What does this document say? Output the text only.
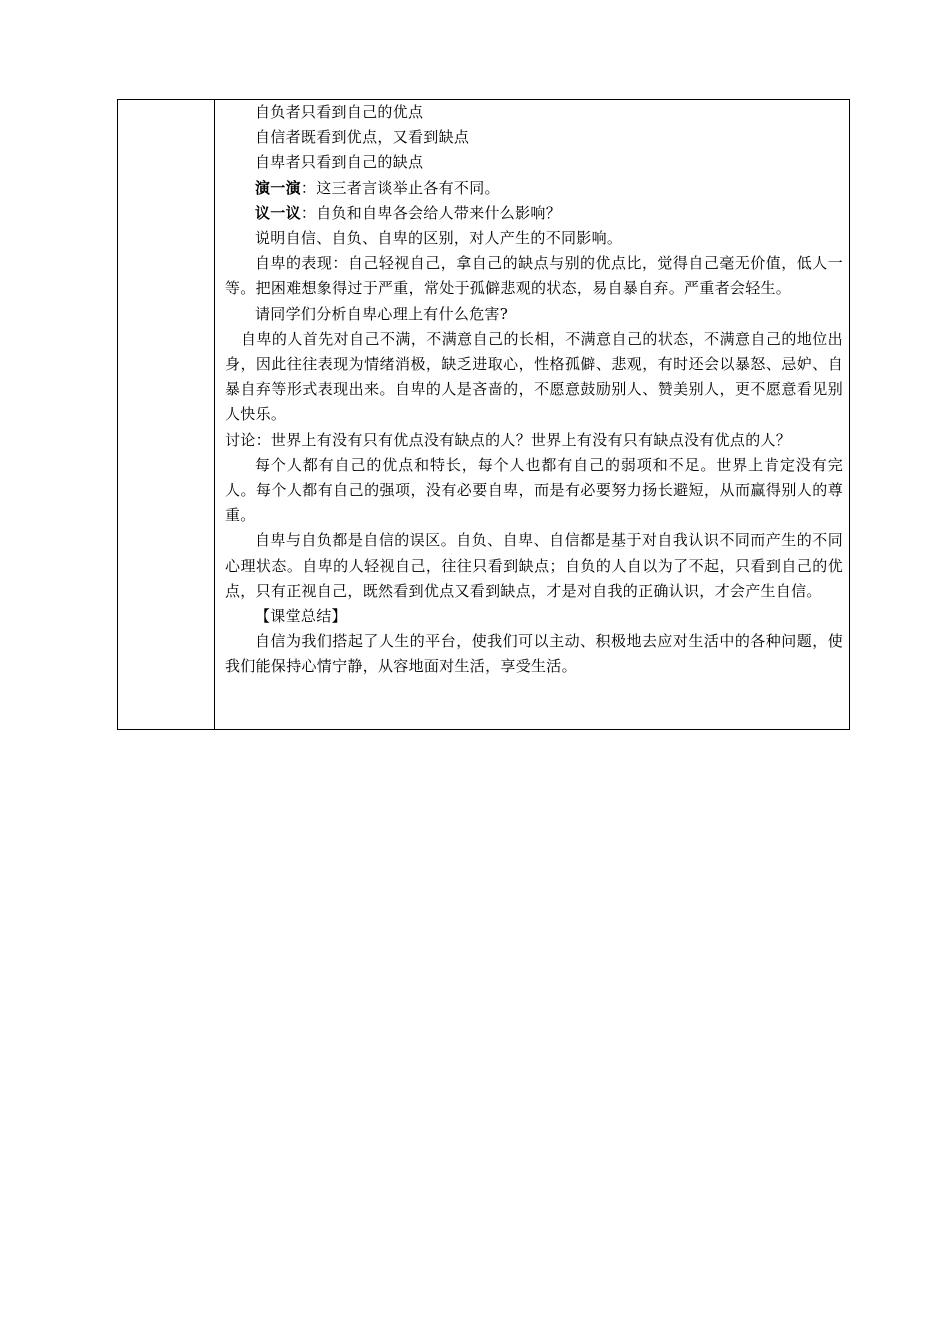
自负者只看到自己的优点

自信者既看到优点，又看到缺点

自卑者只看到自己的缺点

演一演：这三者言谈举止各有不同。

议一议：自负和自卑各会给人带来什么影响？

说明自信、自负、自卑的区别，对人产生的不同影响。

自卑的表现：自己轻视自己，拿自己的缺点与别的优点比，觉得自己毫无价值，低人一等。把困难想象得过于严重，常处于孤僻悲观的状态，易自暴自弃。严重者会轻生。

请同学们分析自卑心理上有什么危害?

自卑的人首先对自己不满，不满意自己的长相，不满意自己的状态，不满意自己的地位出身，因此往往表现为情绪消极，缺乏进取心，性格孤僻、悲观，有时还会以暴怒、忌妒、自暴自弃等形式表现出来。自卑的人是吝啬的，不愿意鼓励别人、赞美别人，更不愿意看见别人快乐。

讨论：世界上有没有只有优点没有缺点的人？世界上有没有只有缺点没有优点的人？

每个人都有自己的优点和特长，每个人也都有自己的弱项和不足。世界上肯定没有完人。每个人都有自己的强项，没有必要自卑，而是有必要努力扬长避短，从而赢得别人的尊重。

自卑与自负都是自信的误区。自负、自卑、自信都是基于对自我认识不同而产生的不同心理状态。自卑的人轻视自己，往往只看到缺点；自负的人自以为了不起，只看到自己的优点，只有正视自己，既然看到优点又看到缺点，才是对自我的正确认识，才会产生自信。

【课堂总结】

自信为我们搭起了人生的平台，使我们可以主动、积极地去应对生活中的各种问题，使我们能保持心情宁静，从容地面对生活，享受生活。
